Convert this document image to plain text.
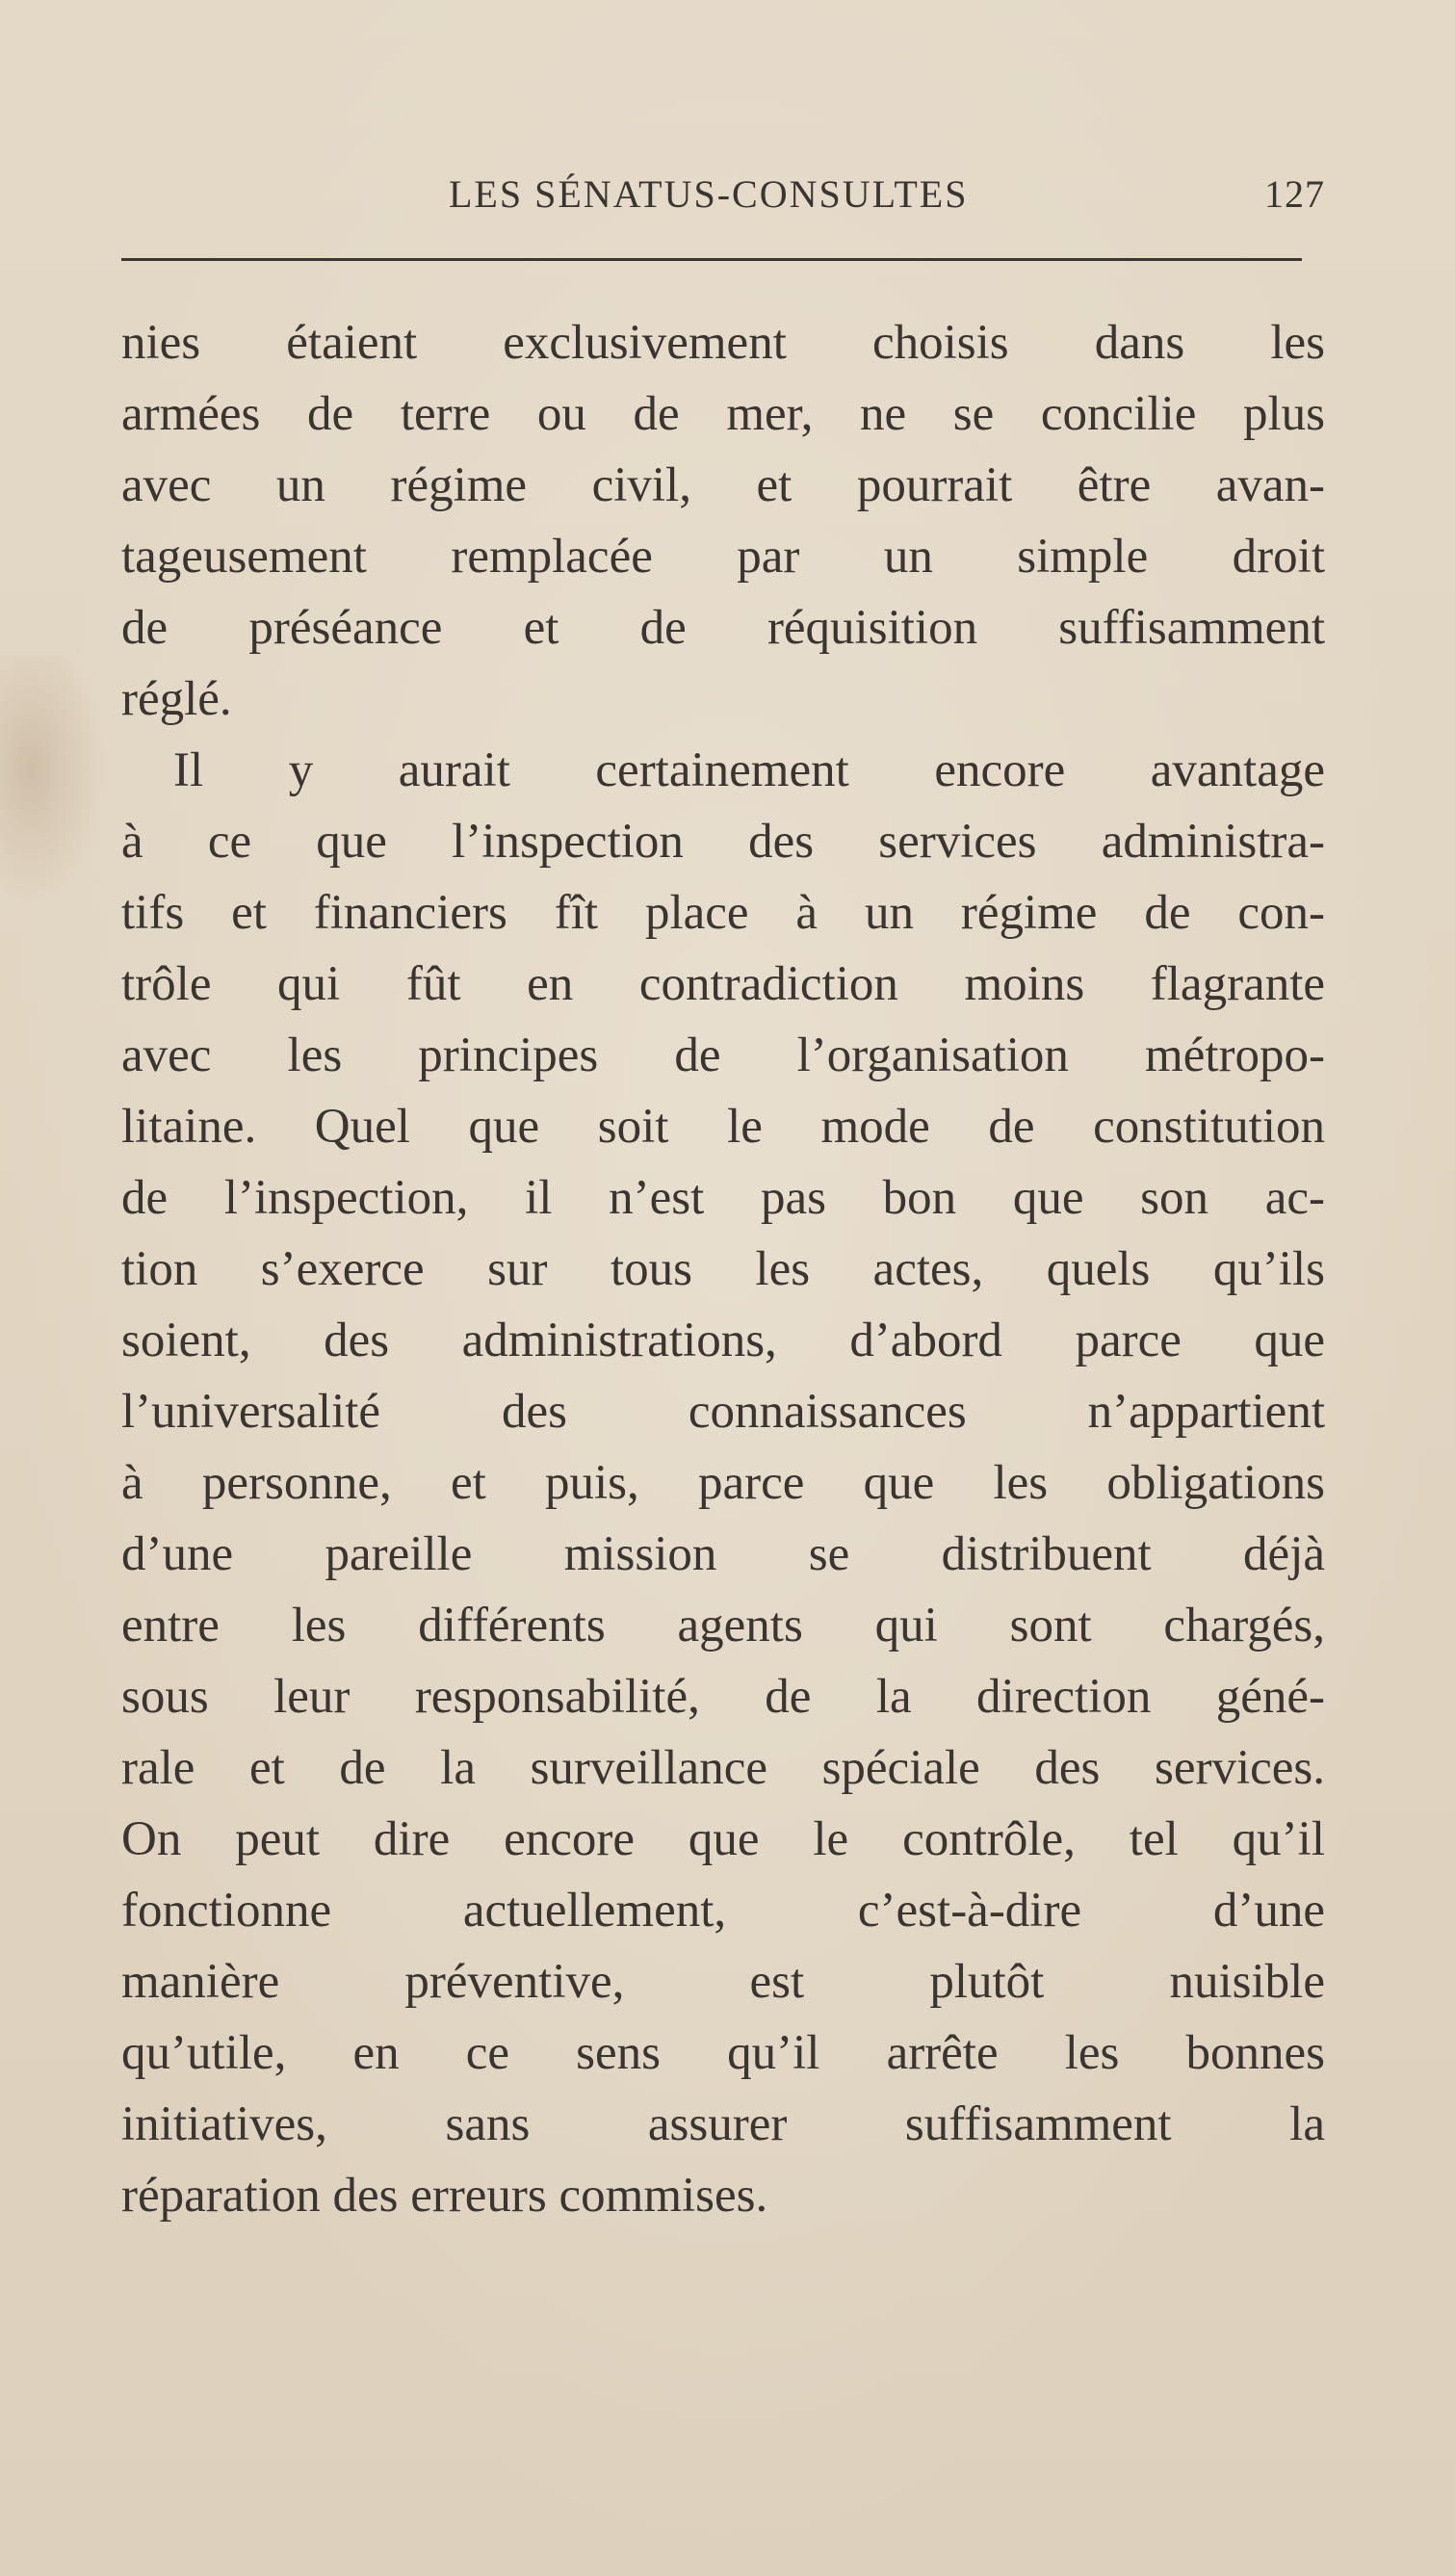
LES SÉNATUS-CONSULTES	127
nies étaient exclusivement choisis dans les
armées de terre ou de mer, ne se concilie plus
avec un régime civil, et pourrait être avan-
tageusement remplacée par un simple droit
de préséance et de réquisition suffisamment
réglé.
Il y aurait certainement encore avantage
à ce que l’inspection des services administra-
tifs et financiers fît place à un régime de con-
trôle qui fût en contradiction moins flagrante
avec les principes de l’organisation métropo-
litaine. Quel que soit le mode de constitution
de l’inspection, il n’est pas bon que son ac-
tion s’exerce sur tous les actes, quels qu’ils
soient, des administrations, d’abord parce que
l’universalité des connaissances n’appartient
à personne, et puis, parce que les obligations
d’une pareille mission se distribuent déjà
entre les différents agents qui sont chargés,
sous leur responsabilité, de la direction géné-
rale et de la surveillance spéciale des services.
On peut dire encore que le contrôle, tel qu’il
fonctionne actuellement, c’est-à-dire d’une
manière préventive, est plutôt nuisible
qu’utile, en ce sens qu’il arrête les bonnes
initiatives, sans assurer suffisamment la
réparation des erreurs commises.
